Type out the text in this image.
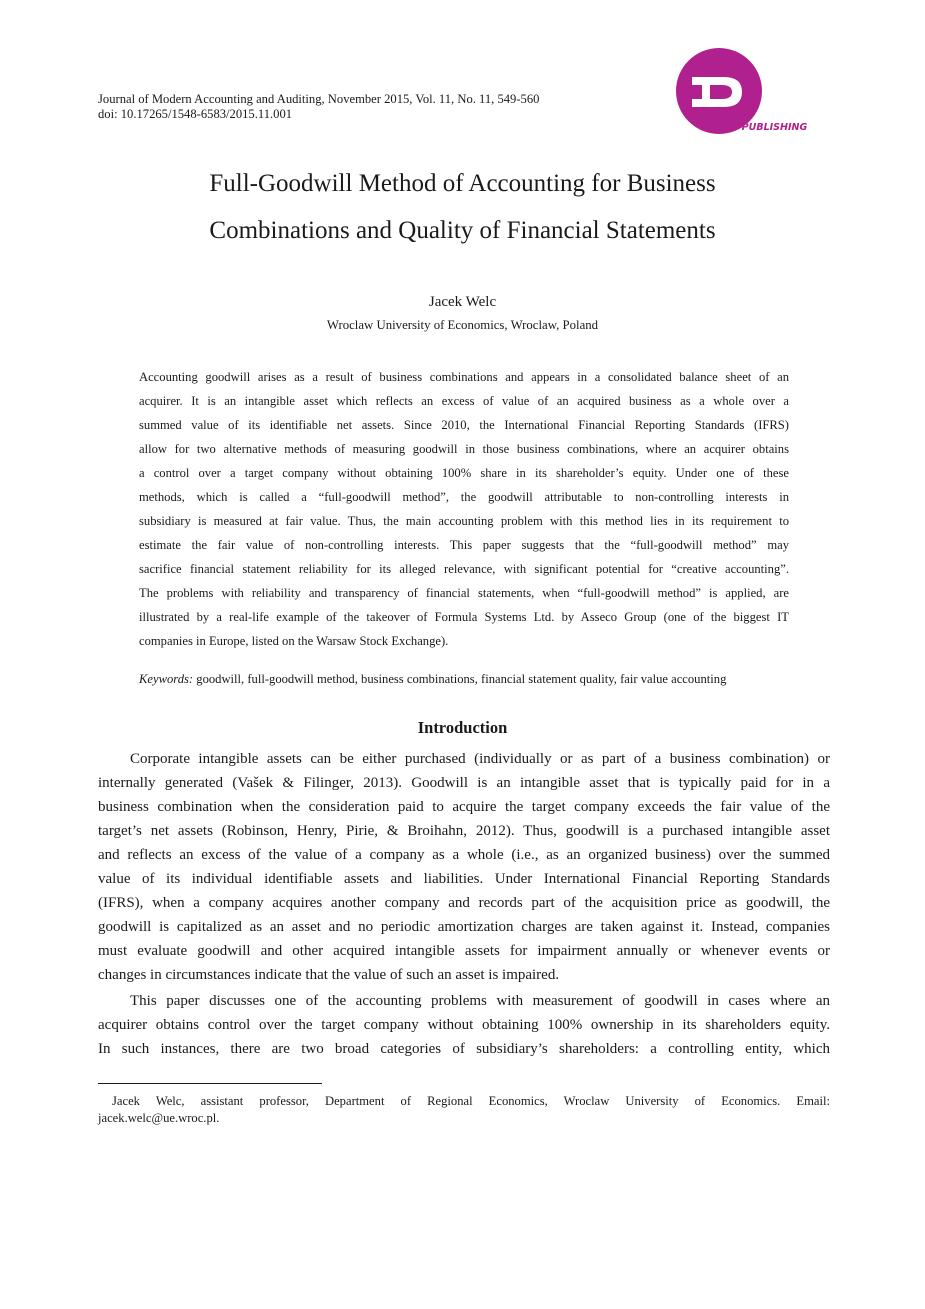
Journal of Modern Accounting and Auditing, November 2015, Vol. 11, No. 11, 549-560
doi: 10.17265/1548-6583/2015.11.001
DAVID PUBLISHING
Full-Goodwill Method of Accounting for Business
Combinations and Quality of Financial Statements
Jacek Welc
Wroclaw University of Economics, Wroclaw, Poland
Accounting goodwill arises as a result of business combinations and appears in a consolidated balance sheet of an
acquirer. It is an intangible asset which reflects an excess of value of an acquired business as a whole over a
summed value of its identifiable net assets. Since 2010, the International Financial Reporting Standards (IFRS)
allow for two alternative methods of measuring goodwill in those business combinations, where an acquirer obtains
a control over a target company without obtaining 100% share in its shareholder’s equity. Under one of these
methods, which is called a “full-goodwill method”, the goodwill attributable to non-controlling interests in
subsidiary is measured at fair value. Thus, the main accounting problem with this method lies in its requirement to
estimate the fair value of non-controlling interests. This paper suggests that the “full-goodwill method” may
sacrifice financial statement reliability for its alleged relevance, with significant potential for “creative accounting”.
The problems with reliability and transparency of financial statements, when “full-goodwill method” is applied, are
illustrated by a real-life example of the takeover of Formula Systems Ltd. by Asseco Group (one of the biggest IT
companies in Europe, listed on the Warsaw Stock Exchange).
Keywords: goodwill, full-goodwill method, business combinations, financial statement quality, fair value accounting
Introduction
Corporate intangible assets can be either purchased (individually or as part of a business combination) or
internally generated (Vašek & Filinger, 2013). Goodwill is an intangible asset that is typically paid for in a
business combination when the consideration paid to acquire the target company exceeds the fair value of the
target’s net assets (Robinson, Henry, Pirie, & Broihahn, 2012). Thus, goodwill is a purchased intangible asset
and reflects an excess of the value of a company as a whole (i.e., as an organized business) over the summed
value of its individual identifiable assets and liabilities. Under International Financial Reporting Standards
(IFRS), when a company acquires another company and records part of the acquisition price as goodwill, the
goodwill is capitalized as an asset and no periodic amortization charges are taken against it. Instead, companies
must evaluate goodwill and other acquired intangible assets for impairment annually or whenever events or
changes in circumstances indicate that the value of such an asset is impaired.
This paper discusses one of the accounting problems with measurement of goodwill in cases where an
acquirer obtains control over the target company without obtaining 100% ownership in its shareholders equity.
In such instances, there are two broad categories of subsidiary’s shareholders: a controlling entity, which
Jacek Welc, assistant professor, Department of Regional Economics, Wroclaw University of Economics. Email:
jacek.welc@ue.wroc.pl.
